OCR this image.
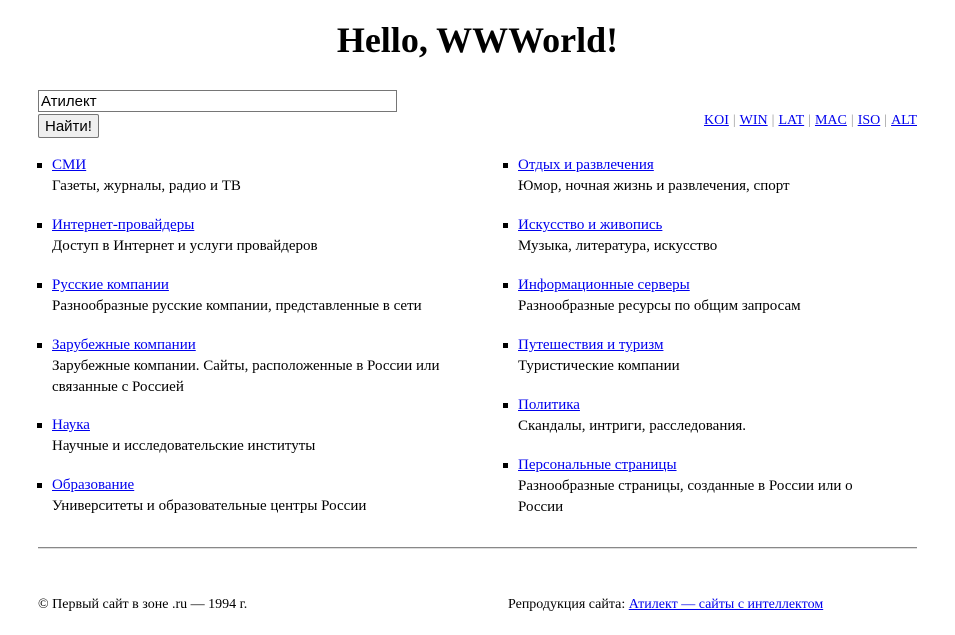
Hello, WWWorld!
Атилект
Найти!	KOI | WIN | LAT | MAC | ISO | ALT
СМИ
Газеты, журналы, радио и ТВ
Интернет-провайдеры
Доступ в Интернет и услуги провайдеров
Русские компании
Разнообразные русские компании, представленные в сети
Зарубежные компании
Зарубежные компании. Сайты, расположенные в России или связанные с Россией
Наука
Научные и исследовательские институты
Образование
Университеты и образовательные центры России
Отдых и развлечения
Юмор, ночная жизнь и развлечения, спорт
Искусство и живопись
Музыка, литература, искусство
Информационные серверы
Разнообразные ресурсы по общим запросам
Путешествия и туризм
Туристические компании
Политика
Скандалы, интриги, расследования.
Персональные страницы
Разнообразные страницы, созданные в России или о России
© Первый сайт в зоне .ru — 1994 г.	Репродукция сайта: Атилект — сайты с интеллектом
